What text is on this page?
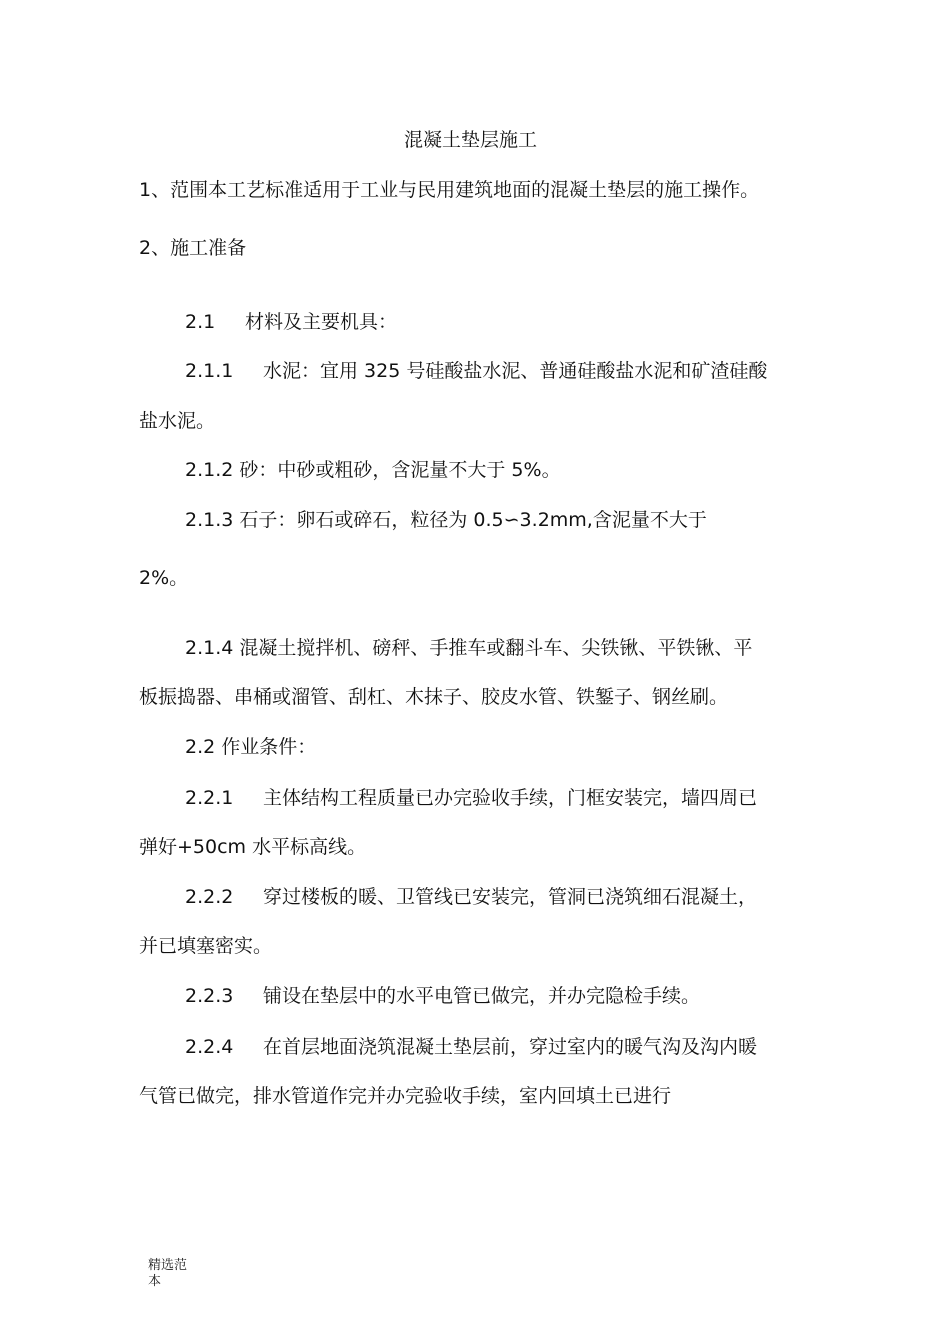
混凝土垫层施工
1、范围本工艺标准适用于工业与民用建筑地面的混凝土垫层的施工操作。
2、施工准备
2.1 材料及主要机具：
2.1.1 水泥：宜用 325 号硅酸盐水泥、普通硅酸盐水泥和矿渣硅酸
盐水泥。
2.1.2 砂：中砂或粗砂，含泥量不大于 5%。
2.1.3 石子：卵石或碎石，粒径为 0.5∽3.2mm,含泥量不大于
2%。
2.1.4 混凝土搅拌机、磅秤、手推车或翻斗车、尖铁锹、平铁锹、平
板振捣器、串桶或溜管、刮杠、木抹子、胶皮水管、铁錾子、钢丝刷。
2.2 作业条件：
2.2.1 主体结构工程质量已办完验收手续，门框安装完，墙四周已
弹好+50cm 水平标高线。
2.2.2 穿过楼板的暖、卫管线已安装完，管洞已浇筑细石混凝土，
并已填塞密实。
2.2.3 铺设在垫层中的水平电管已做完，并办完隐检手续。
2.2.4 在首层地面浇筑混凝土垫层前，穿过室内的暖气沟及沟内暖
气管已做完，排水管道作完并办完验收手续，室内回填土已进行
精选范
本
